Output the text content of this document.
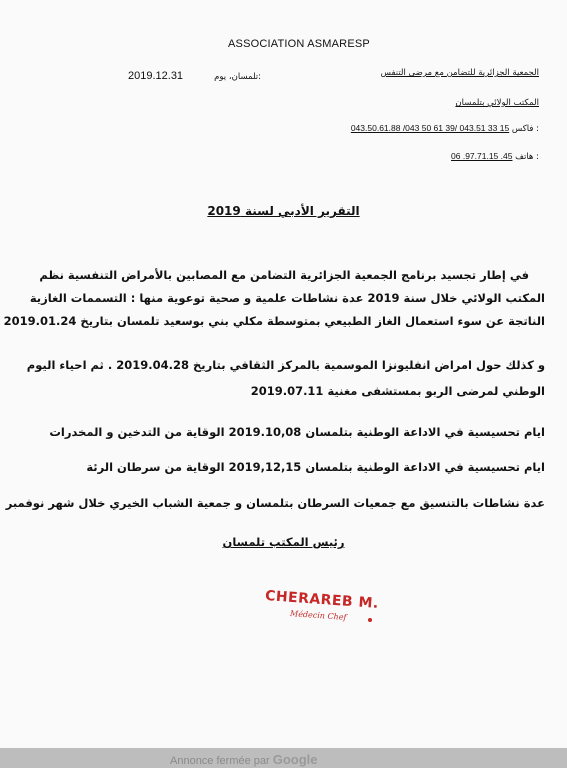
ASSOCIATION ASMARESP
2019.12.31	تلمسان، يوم:	الجمعية الجزائرية للتضامن مع مرضى التنفس
المكتب الولائي بتلمسان
043.50.61.88 /043 50 61 39/ 043.51 33 15 فاكس :
06 .97.71.15 .45 هاتف :
التقرير الأدبي لسنة 2019
في إطار تجسيد برنامج الجمعية الجزائرية التضامن مع المصابين بالأمراض التنفسية نظم
المكتب الولائي خلال سنة 2019 عدة نشاطات علمية و صحية توعوية منها : التسممات الغازية
الناتجة عن سوء استعمال الغاز الطبيعي بمتوسطة مكلي بني بوسعيد تلمسان بتاريخ 2019.01.24
و كذلك حول امراض انفليونزا الموسمية بالمركز الثقافي بتاريخ 2019.04.28 . ثم احياء اليوم
الوطني لمرضى الربو بمستشفى مغنية 2019.07.11
ايام تحسيسية في الاداعة الوطنية بتلمسان 2019.10,08 الوقاية من التدخين و المخدرات
ايام تحسيسية في الاداعة الوطنية بتلمسان 2019,12,15 الوقاية من سرطان الرئة
عدة نشاطات بالتنسيق مع جمعيات السرطان بتلمسان و جمعية الشباب الخيري خلال شهر نوفمبر
رئيس المكتب تلمسان
CHERAREB M.
Médecin Chef
Annonce fermée par Google
